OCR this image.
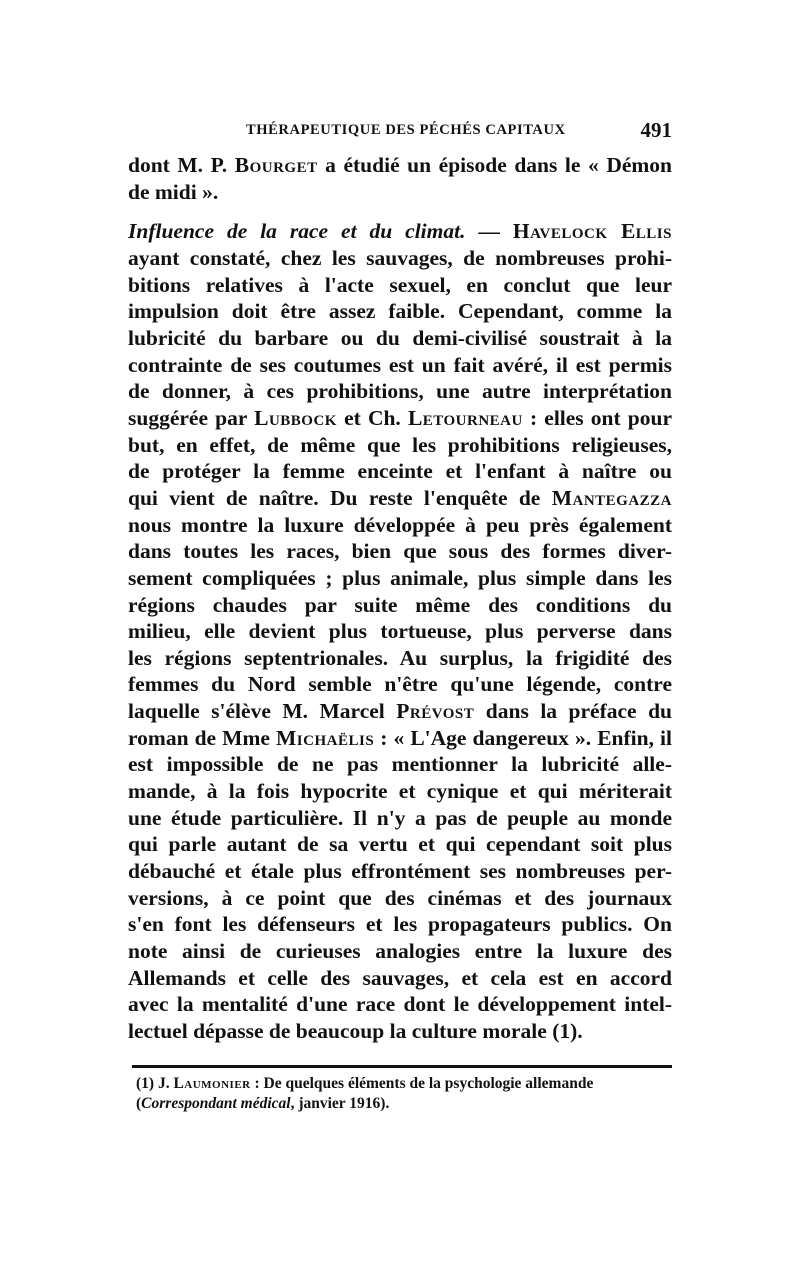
THÉRAPEUTIQUE DES PÉCHÉS CAPITAUX	491
dont M. P. Bourget a étudié un épisode dans le « Démon
de midi ».
Influence de la race et du climat. — Havelock Ellis
ayant constaté, chez les sauvages, de nombreuses prohi-
bitions relatives à l'acte sexuel, en conclut que leur
impulsion doit être assez faible. Cependant, comme la
lubricité du barbare ou du demi-civilisé soustrait à la
contrainte de ses coutumes est un fait avéré, il est permis
de donner, à ces prohibitions, une autre interprétation
suggérée par Lubbock et Ch. Letourneau : elles ont pour
but, en effet, de même que les prohibitions religieuses,
de protéger la femme enceinte et l'enfant à naître ou
qui vient de naître. Du reste l'enquête de Mantegazza
nous montre la luxure développée à peu près également
dans toutes les races, bien que sous des formes diver-
sement compliquées ; plus animale, plus simple dans les
régions chaudes par suite même des conditions du
milieu, elle devient plus tortueuse, plus perverse dans
les régions septentrionales. Au surplus, la frigidité des
femmes du Nord semble n'être qu'une légende, contre
laquelle s'élève M. Marcel Prévost dans la préface du
roman de Mme Michaëlis : « L'Age dangereux ». Enfin, il
est impossible de ne pas mentionner la lubricité alle-
mande, à la fois hypocrite et cynique et qui mériterait
une étude particulière. Il n'y a pas de peuple au monde
qui parle autant de sa vertu et qui cependant soit plus
débauché et étale plus effrontément ses nombreuses per-
versions, à ce point que des cinémas et des journaux
s'en font les défenseurs et les propagateurs publics. On
note ainsi de curieuses analogies entre la luxure des
Allemands et celle des sauvages, et cela est en accord
avec la mentalité d'une race dont le développement intel-
lectuel dépasse de beaucoup la culture morale (1).
(1) J. Laumonier : De quelques éléments de la psychologie allemande
(Correspondant médical, janvier 1916).
